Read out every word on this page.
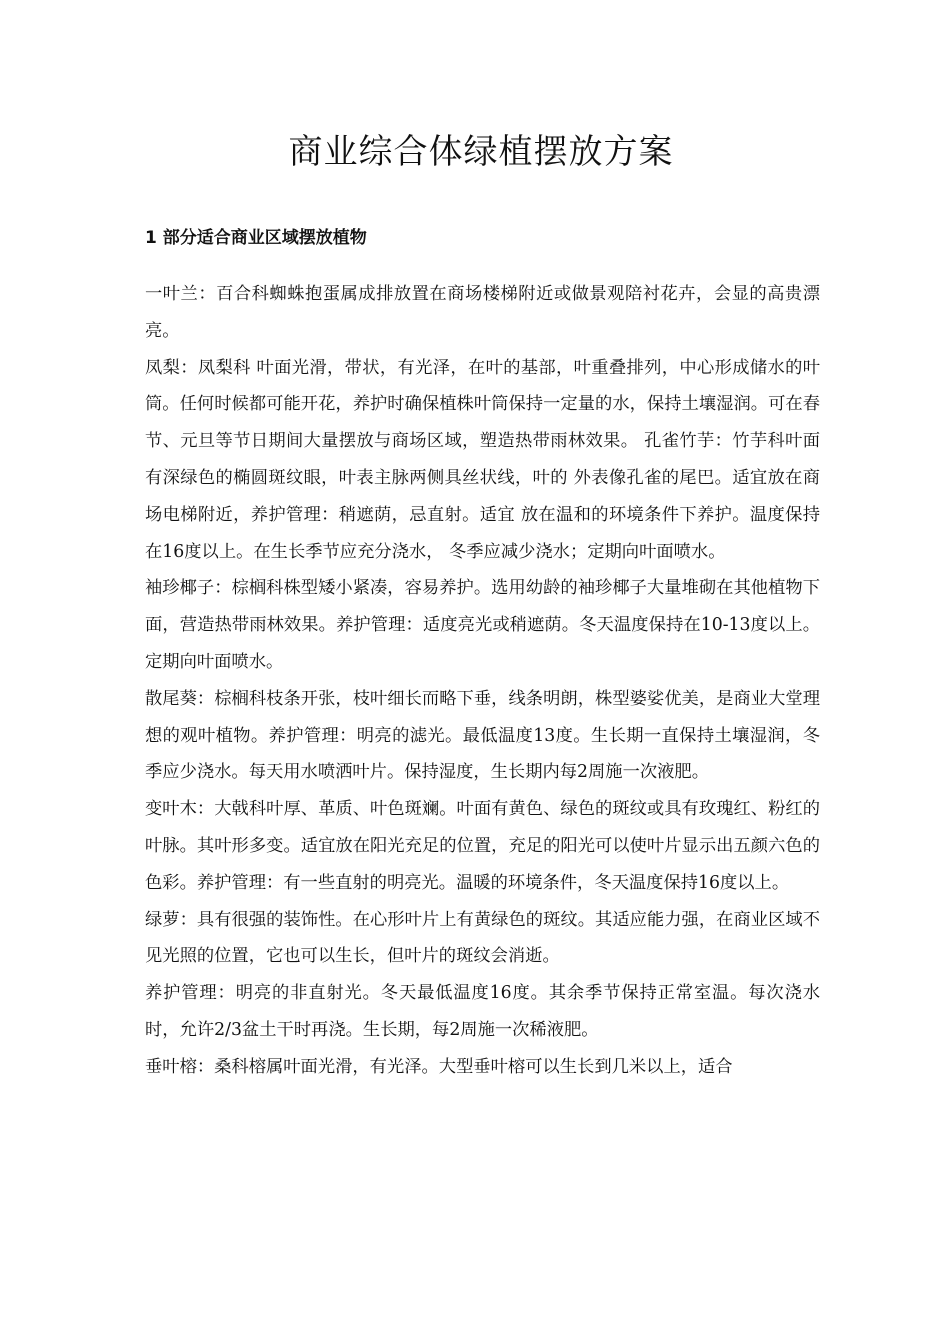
商业综合体绿植摆放方案
1 部分适合商业区域摆放植物

一叶兰：百合科蜘蛛抱蛋属成排放置在商场楼梯附近或做景观陪衬花卉，会显的高贵漂亮。

凤梨：凤梨科 叶面光滑，带状，有光泽，在叶的基部，叶重叠排列，中心形成储水的叶筒。任何时候都可能开花，养护时确保植株叶筒保持一定量的水，保持土壤湿润。可在春节、元旦等节日期间大量摆放与商场区域，塑造热带雨林效果。 孔雀竹芋：竹芋科叶面有深绿色的椭圆斑纹眼，叶表主脉两侧具丝状线，叶的 外表像孔雀的尾巴。适宜放在商场电梯附近，养护管理：稍遮荫，忌直射。适宜 放在温和的环境条件下养护。温度保持在16度以上。在生长季节应充分浇水， 冬季应减少浇水；定期向叶面喷水。

袖珍椰子：棕榈科株型矮小紧凑，容易养护。选用幼龄的袖珍椰子大量堆砌在其他植物下面，营造热带雨林效果。养护管理：适度亮光或稍遮荫。冬天温度保持在10-13度以上。定期向叶面喷水。

散尾葵：棕榈科枝条开张，枝叶细长而略下垂，线条明朗，株型婆娑优美，是商业大堂理想的观叶植物。养护管理：明亮的滤光。最低温度13度。生长期一直保持土壤湿润，冬季应少浇水。每天用水喷洒叶片。保持湿度，生长期内每2周施一次液肥。

变叶木：大戟科叶厚、革质、叶色斑斓。叶面有黄色、绿色的斑纹或具有玫瑰红、粉红的叶脉。其叶形多变。适宜放在阳光充足的位置，充足的阳光可以使叶片显示出五颜六色的色彩。养护管理：有一些直射的明亮光。温暖的环境条件，冬天温度保持16度以上。

绿萝：具有很强的装饰性。在心形叶片上有黄绿色的斑纹。其适应能力强，在商业区域不见光照的位置，它也可以生长，但叶片的斑纹会消逝。

养护管理：明亮的非直射光。冬天最低温度16度。其余季节保持正常室温。每次浇水时，允许2/3盆土干时再浇。生长期，每2周施一次稀液肥。

垂叶榕：桑科榕属叶面光滑，有光泽。大型垂叶榕可以生长到几米以上，适合
